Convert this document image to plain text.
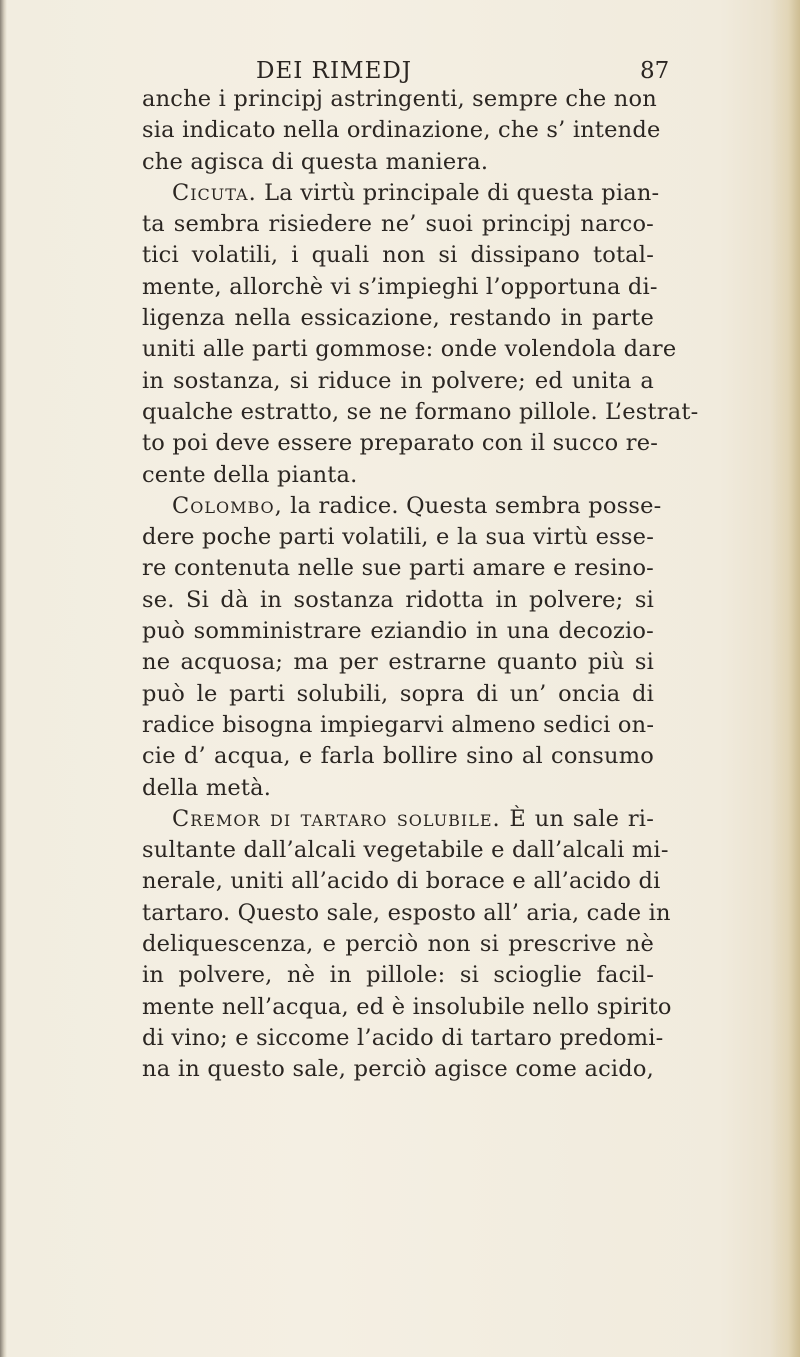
DEI RIMEDJ	87
anche i principj astringenti, sempre che non
sia indicato nella ordinazione, che s’ intende
che agisca di questa maniera.
Cicuta. La virtù principale di questa pian-
ta sembra risiedere ne’ suoi principj narco-
tici volatili, i quali non si dissipano total-
mente, allorchè vi s’impieghi l’opportuna di-
ligenza nella essicazione, restando in parte
uniti alle parti gommose: onde volendola dare
in sostanza, si riduce in polvere; ed unita a
qualche estratto, se ne formano pillole. L’estrat-
to poi deve essere preparato con il succo re-
cente della pianta.
Colombo, la radice. Questa sembra posse-
dere poche parti volatili, e la sua virtù esse-
re contenuta nelle sue parti amare e resino-
se. Si dà in sostanza ridotta in polvere; si
può somministrare eziandio in una decozio-
ne acquosa; ma per estrarne quanto più si
può le parti solubili, sopra di un’ oncia di
radice bisogna impiegarvi almeno sedici on-
cie d’ acqua, e farla bollire sino al consumo
della metà.
Cremor di tartaro solubile. È un sale ri-
sultante dall’alcali vegetabile e dall’alcali mi-
nerale, uniti all’acido di borace e all’acido di
tartaro. Questo sale, esposto all’ aria, cade in
deliquescenza, e perciò non si prescrive nè
in polvere, nè in pillole: si scioglie facil-
mente nell’acqua, ed è insolubile nello spirito
di vino; e siccome l’acido di tartaro predomi-
na in questo sale, perciò agisce come acido,
